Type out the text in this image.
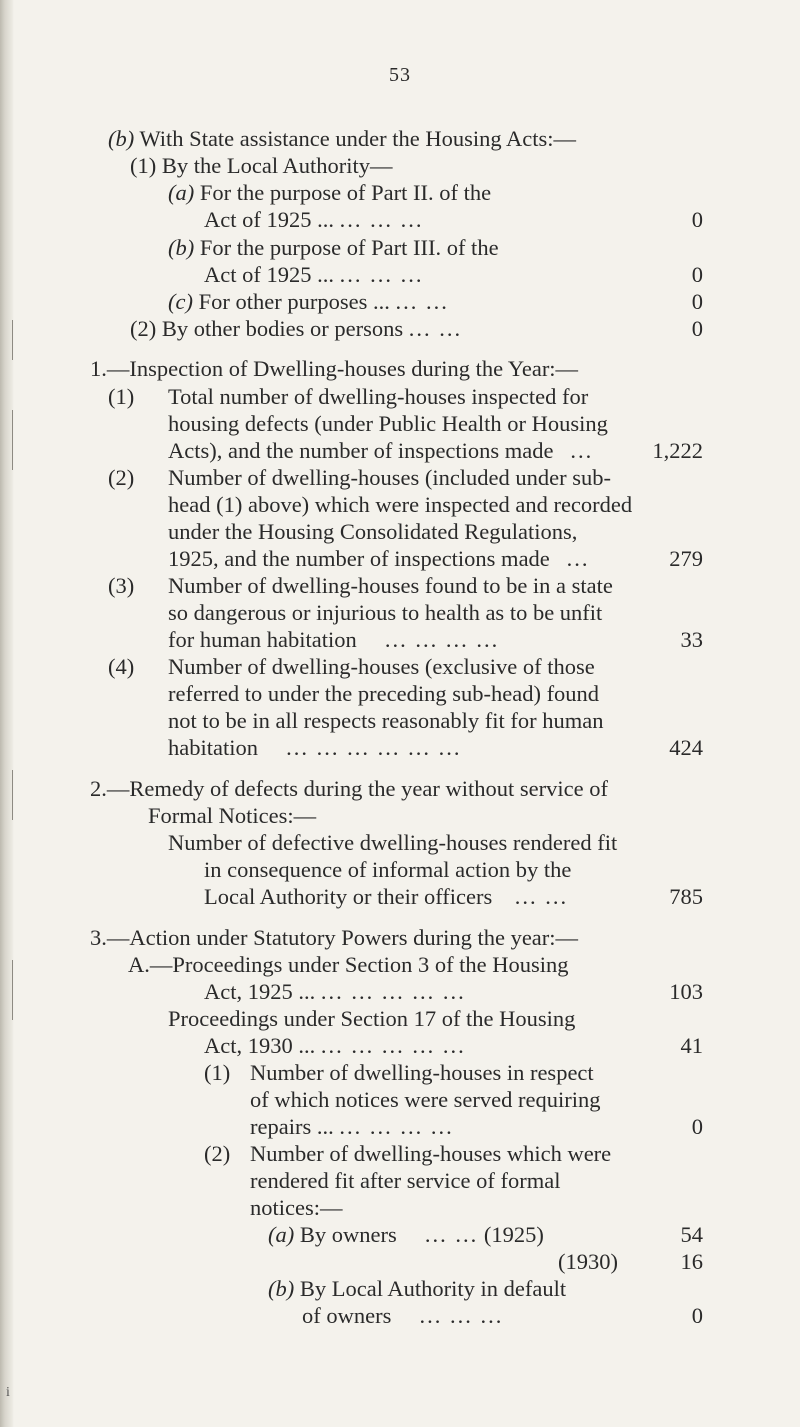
53
(b) With State assistance under the Housing Acts:—
(1) By the Local Authority—
(a) For the purpose of Part II. of the
Act of 1925 ... ... ... ...	0
(b) For the purpose of Part III. of the
Act of 1925 ... ... ... ...	0
(c) For other purposes ... ... ...	0
(2) By other bodies or persons ... ...	0
1.—Inspection of Dwelling-houses during the Year:—
(1) Total number of dwelling-houses inspected for
housing defects (under Public Health or Housing
Acts), and the number of inspections made ...	1,222
(2) Number of dwelling-houses (included under sub-
head (1) above) which were inspected and recorded
under the Housing Consolidated Regulations,
1925, and the number of inspections made ...	279
(3) Number of dwelling-houses found to be in a state
so dangerous or injurious to health as to be unfit
for human habitation ... ... ... ...	33
(4) Number of dwelling-houses (exclusive of those
referred to under the preceding sub-head) found
not to be in all respects reasonably fit for human
habitation ... ... ... ... ... ...	424
2.—Remedy of defects during the year without service of
Formal Notices:—
Number of defective dwelling-houses rendered fit
in consequence of informal action by the
Local Authority or their officers ... ...	785
3.—Action under Statutory Powers during the year:—
A.—Proceedings under Section 3 of the Housing
Act, 1925 ... ... ... ... ... ...	103
Proceedings under Section 17 of the Housing
Act, 1930 ... ... ... ... ... ...	41
(1) Number of dwelling-houses in respect
of which notices were served requiring
repairs ... ... ... ... ...	0
(2) Number of dwelling-houses which were
rendered fit after service of formal
notices:—
(a) By owners ... ... (1925)	54
(1930)	16
(b) By Local Authority in default
of owners ... ... ...	0
i
